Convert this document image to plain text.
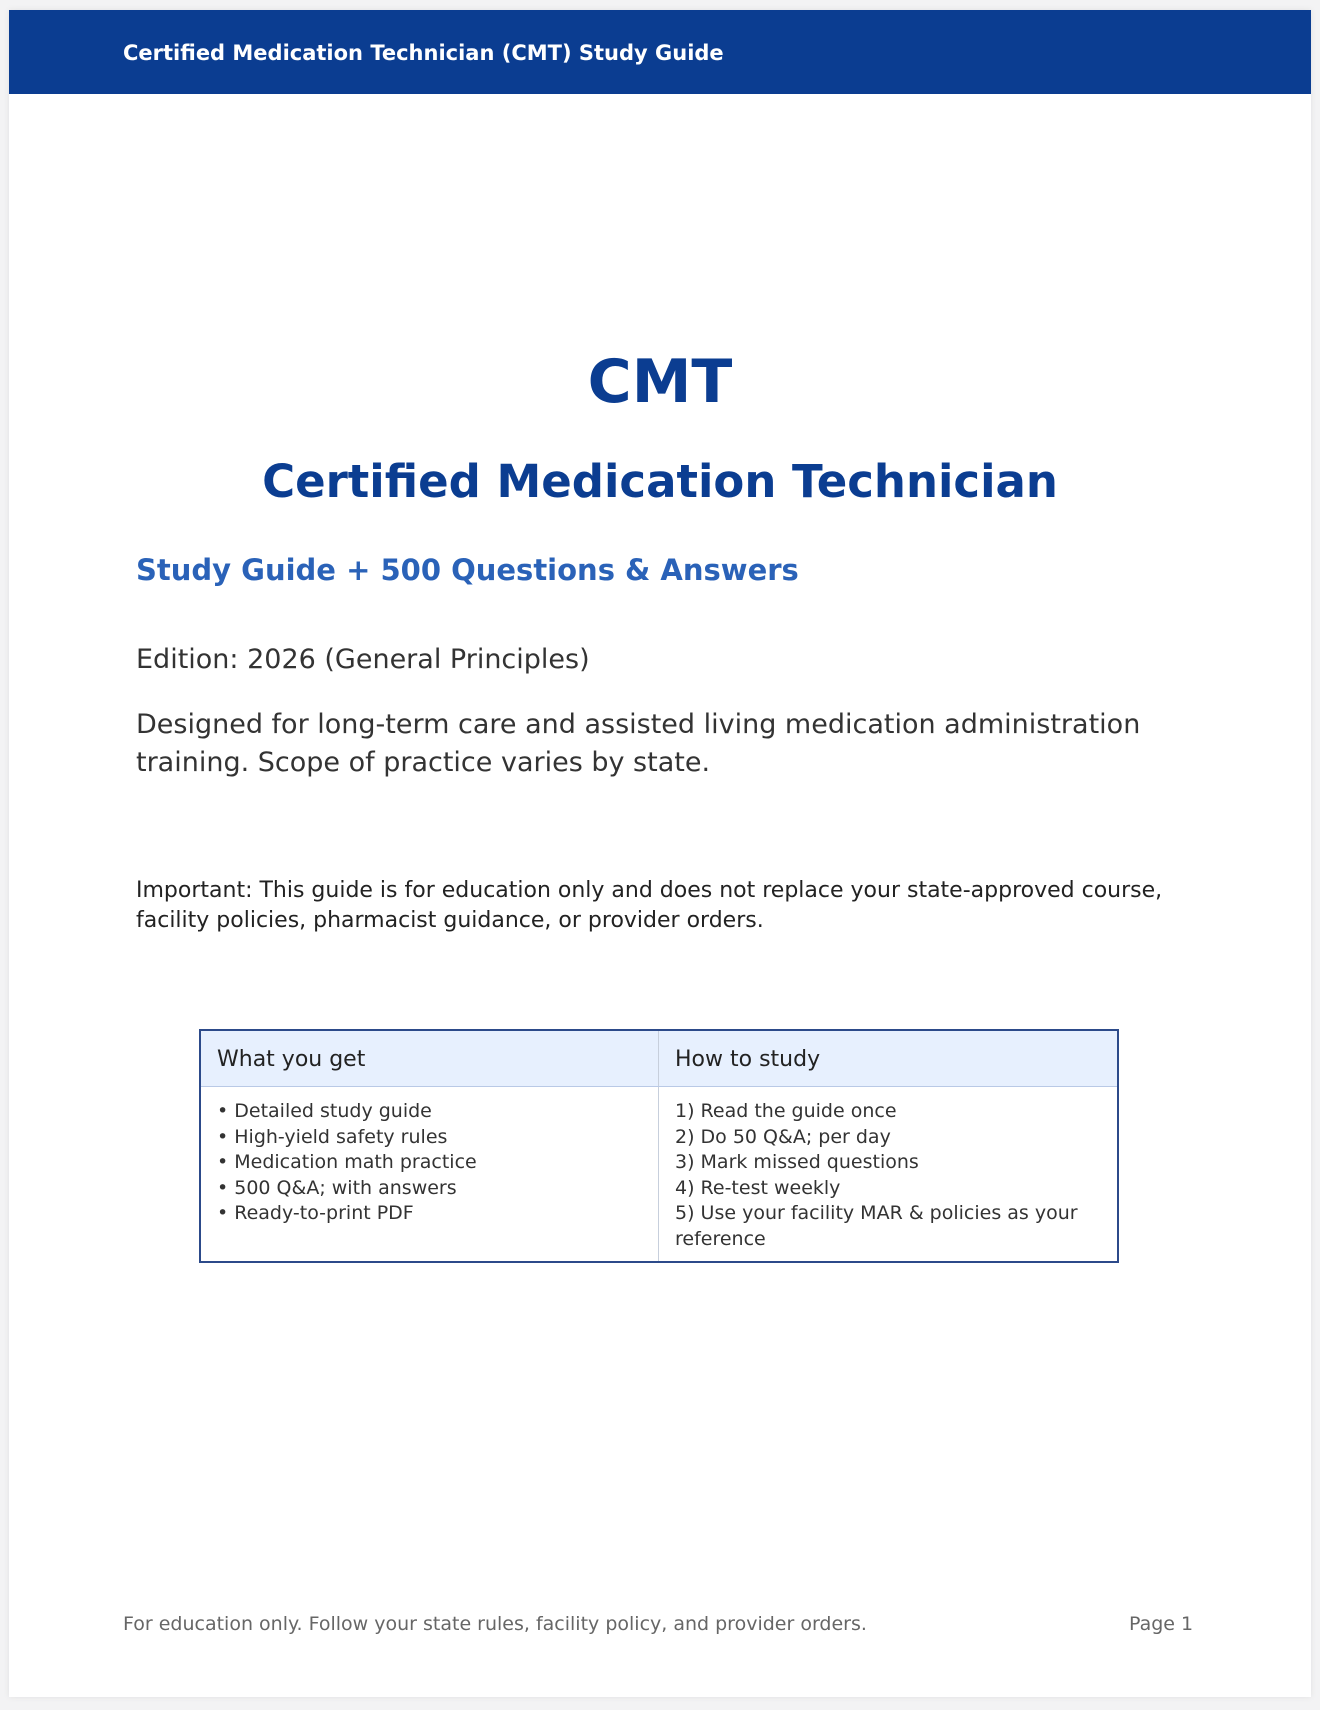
Certified Medication Technician (CMT) Study Guide
CMT
Certified Medication Technician
Study Guide + 500 Questions & Answers
Edition: 2026 (General Principles)
Designed for long-term care and assisted living medication administration training. Scope of practice varies by state.
Important: This guide is for education only and does not replace your state-approved course, facility policies, pharmacist guidance, or provider orders.
What you get	How to study
• Detailed study guide
• High-yield safety rules
• Medication math practice
• 500 Q&A; with answers
• Ready-to-print PDF
1) Read the guide once
2) Do 50 Q&A; per day
3) Mark missed questions
4) Re-test weekly
5) Use your facility MAR & policies as your reference
For education only. Follow your state rules, facility policy, and provider orders.	Page 1
